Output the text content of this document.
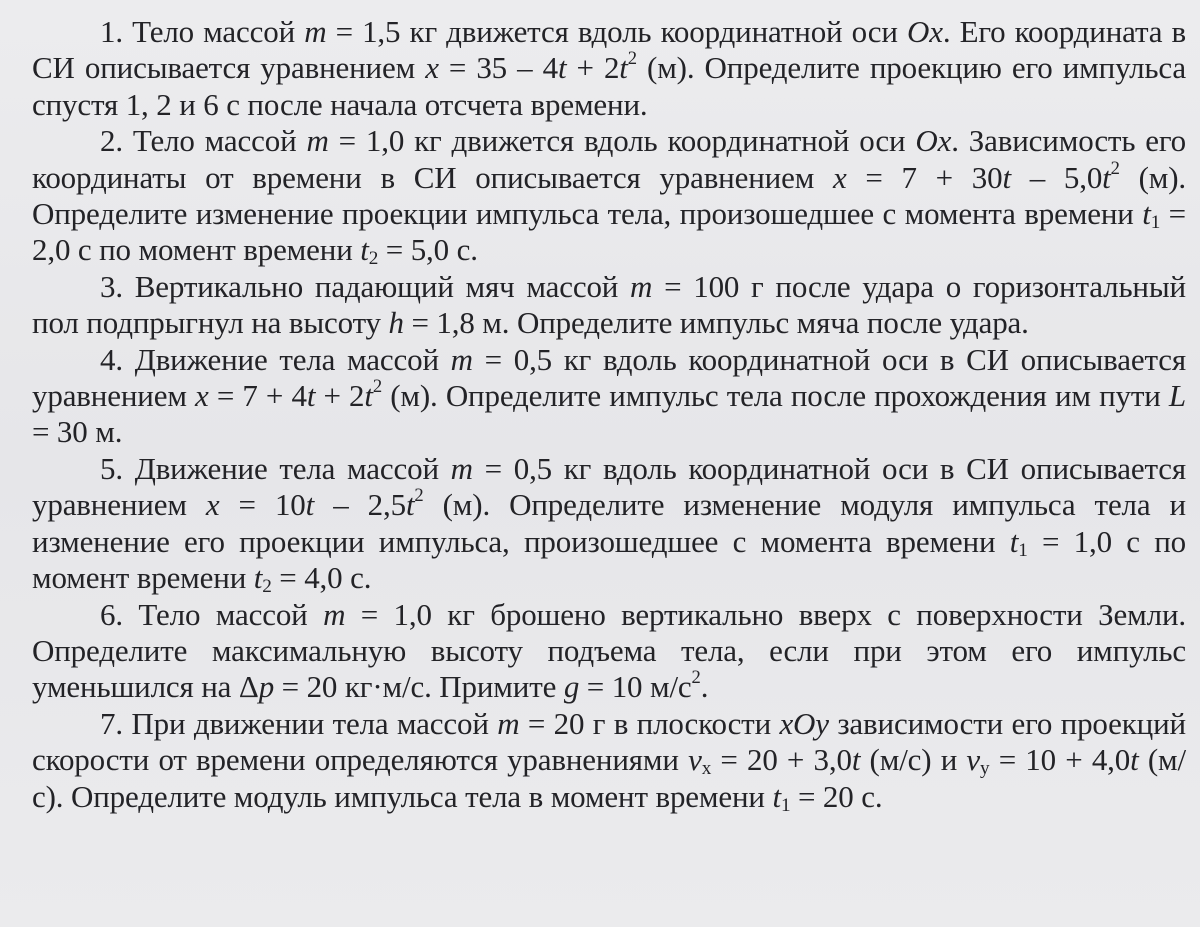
1. Тело массой m = 1,5 кг движется вдоль координатной оси Ox. Его координата в СИ описывается уравнением $x = 35 - 4t + 2t^2$ (м). Определите проекцию его импульса спустя 1, 2 и 6 с после начала отсчета времени.

2. Тело массой m = 1,0 кг движется вдоль координатной оси Ox. Зависимость его координаты от времени в СИ описывается уравнением $x = 7 + 30t - 5,0t^2$ (м). Определите изменение проекции импульса тела, произошедшее с момента времени $t_1 = 2,0$ с по момент времени $t_2 = 5,0$ с.

3. Вертикально падающий мяч массой m = 100 г после удара о горизонтальный пол подпрыгнул на высоту h = 1,8 м. Определите импульс мяча после удара.

4. Движение тела массой m = 0,5 кг вдоль координатной оси в СИ описывается уравнением $x = 7 + 4t + 2t^2$ (м). Определите импульс тела после прохождения им пути L = 30 м.

5. Движение тела массой m = 0,5 кг вдоль координатной оси в СИ описывается уравнением $x = 10t - 2,5t^2$ (м). Определите изменение модуля импульса тела и изменение его проекции импульса, произошедшее с момента времени $t_1 = 1,0$ с по момент времени $t_2 = 4,0$ с.

6. Тело массой m = 1,0 кг брошено вертикально вверх с поверхности Земли. Определите максимальную высоту подъема тела, если при этом его импульс уменьшился на Δp = 20 кг·м/с. Примите g = 10 $м/с^2$.

7. При движении тела массой m = 20 г в плоскости xOy зависимости его проекций скорости от времени определяются уравнениями $v_x = 20 + 3,0t$ (м/с) и $v_y = 10 + 4,0t$ (м/с). Определите модуль импульса тела в момент времени $t_1 = 20$ с.
